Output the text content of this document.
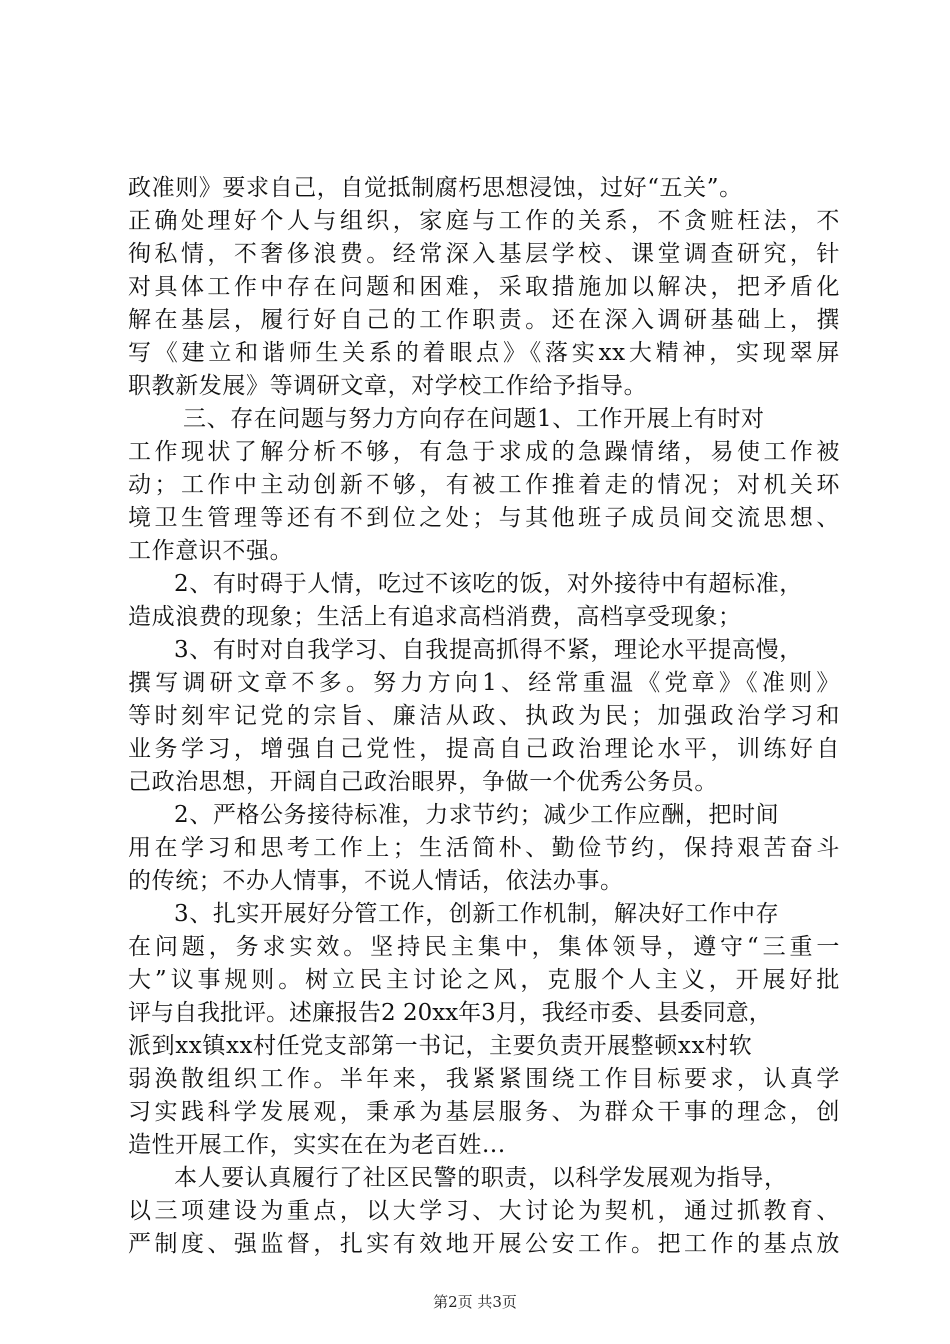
政准则》要求自己，自觉抵制腐朽思想浸蚀，过好“五关”。
正确处理好个人与组织，家庭与工作的关系，不贪赃枉法，不
徇私情，不奢侈浪费。经常深入基层学校、课堂调查研究，针
对具体工作中存在问题和困难，采取措施加以解决，把矛盾化
解在基层，履行好自己的工作职责。还在深入调研基础上，撰
写《建立和谐师生关系的着眼点》《落实xx大精神，实现翠屏
职教新发展》等调研文章，对学校工作给予指导。
三、存在问题与努力方向存在问题1、工作开展上有时对
工作现状了解分析不够，有急于求成的急躁情绪，易使工作被
动；工作中主动创新不够，有被工作推着走的情况；对机关环
境卫生管理等还有不到位之处；与其他班子成员间交流思想、
工作意识不强。
2、有时碍于人情，吃过不该吃的饭，对外接待中有超标准，
造成浪费的现象；生活上有追求高档消费，高档享受现象；
3、有时对自我学习、自我提高抓得不紧，理论水平提高慢，
撰写调研文章不多。努力方向1、经常重温《党章》《准则》
等时刻牢记党的宗旨、廉洁从政、执政为民；加强政治学习和
业务学习，增强自己党性，提高自己政治理论水平，训练好自
己政治思想，开阔自己政治眼界，争做一个优秀公务员。
2、严格公务接待标准，力求节约；减少工作应酬，把时间
用在学习和思考工作上；生活简朴、勤俭节约，保持艰苦奋斗
的传统；不办人情事，不说人情话，依法办事。
3、扎实开展好分管工作，创新工作机制，解决好工作中存
在问题，务求实效。坚持民主集中，集体领导，遵守“三重一
大”议事规则。树立民主讨论之风，克服个人主义，开展好批
评与自我批评。述廉报告2 20xx年3月，我经市委、县委同意，
派到xx镇xx村任党支部第一书记，主要负责开展整顿xx村软
弱涣散组织工作。半年来，我紧紧围绕工作目标要求，认真学
习实践科学发展观，秉承为基层服务、为群众干事的理念，创
造性开展工作，实实在在为老百姓...
本人要认真履行了社区民警的职责，以科学发展观为指导，
以三项建设为重点，以大学习、大讨论为契机，通过抓教育、
严制度、强监督，扎实有效地开展公安工作。把工作的基点放
第2页 共3页
